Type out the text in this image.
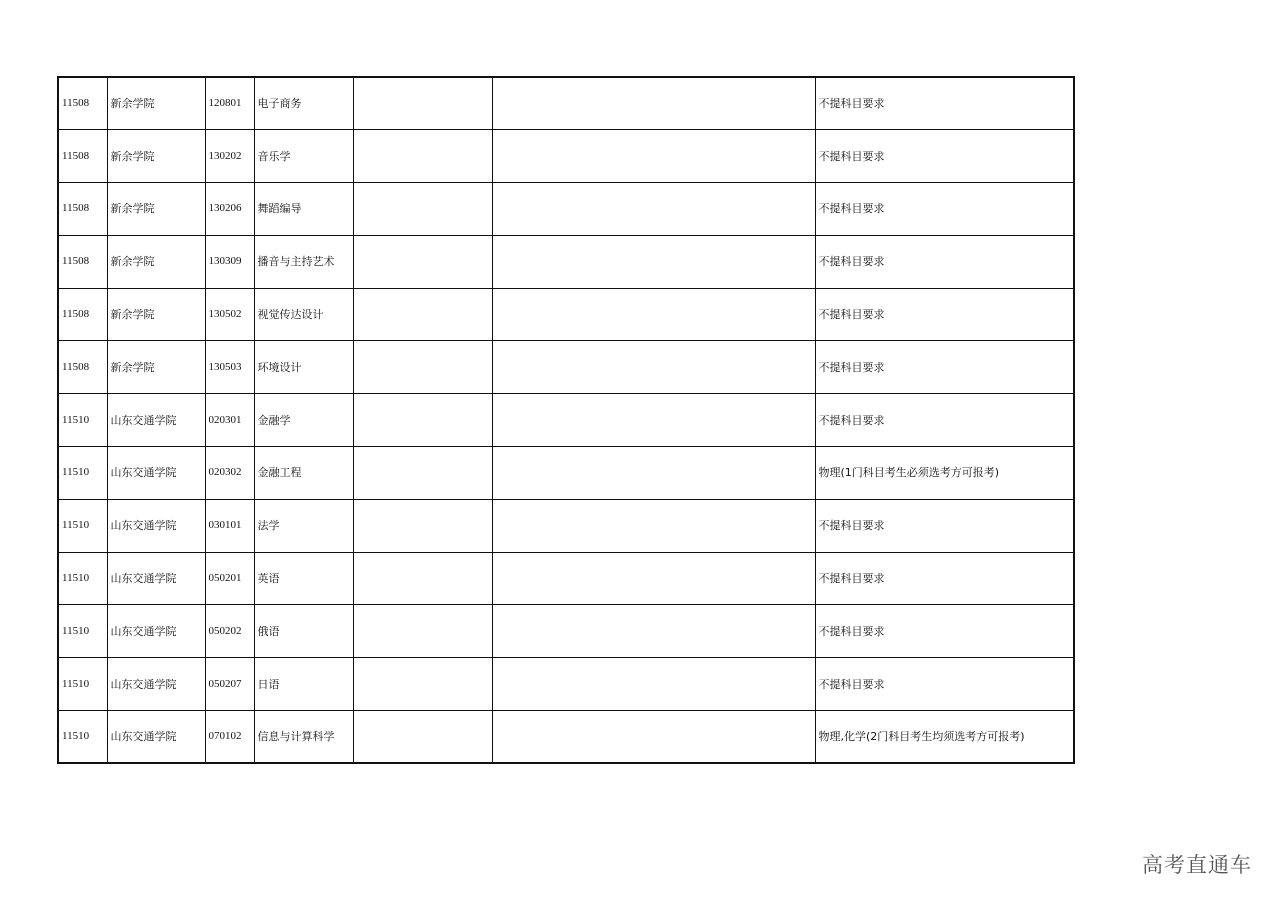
11508	新余学院	120801	电子商务			不提科目要求
11508	新余学院	130202	音乐学			不提科目要求
11508	新余学院	130206	舞蹈编导			不提科目要求
11508	新余学院	130309	播音与主持艺术			不提科目要求
11508	新余学院	130502	视觉传达设计			不提科目要求
11508	新余学院	130503	环境设计			不提科目要求
11510	山东交通学院	020301	金融学			不提科目要求
11510	山东交通学院	020302	金融工程			物理(1门科目考生必须选考方可报考)
11510	山东交通学院	030101	法学			不提科目要求
11510	山东交通学院	050201	英语			不提科目要求
11510	山东交通学院	050202	俄语			不提科目要求
11510	山东交通学院	050207	日语			不提科目要求
11510	山东交通学院	070102	信息与计算科学			物理,化学(2门科目考生均须选考方可报考)
高考直通车
